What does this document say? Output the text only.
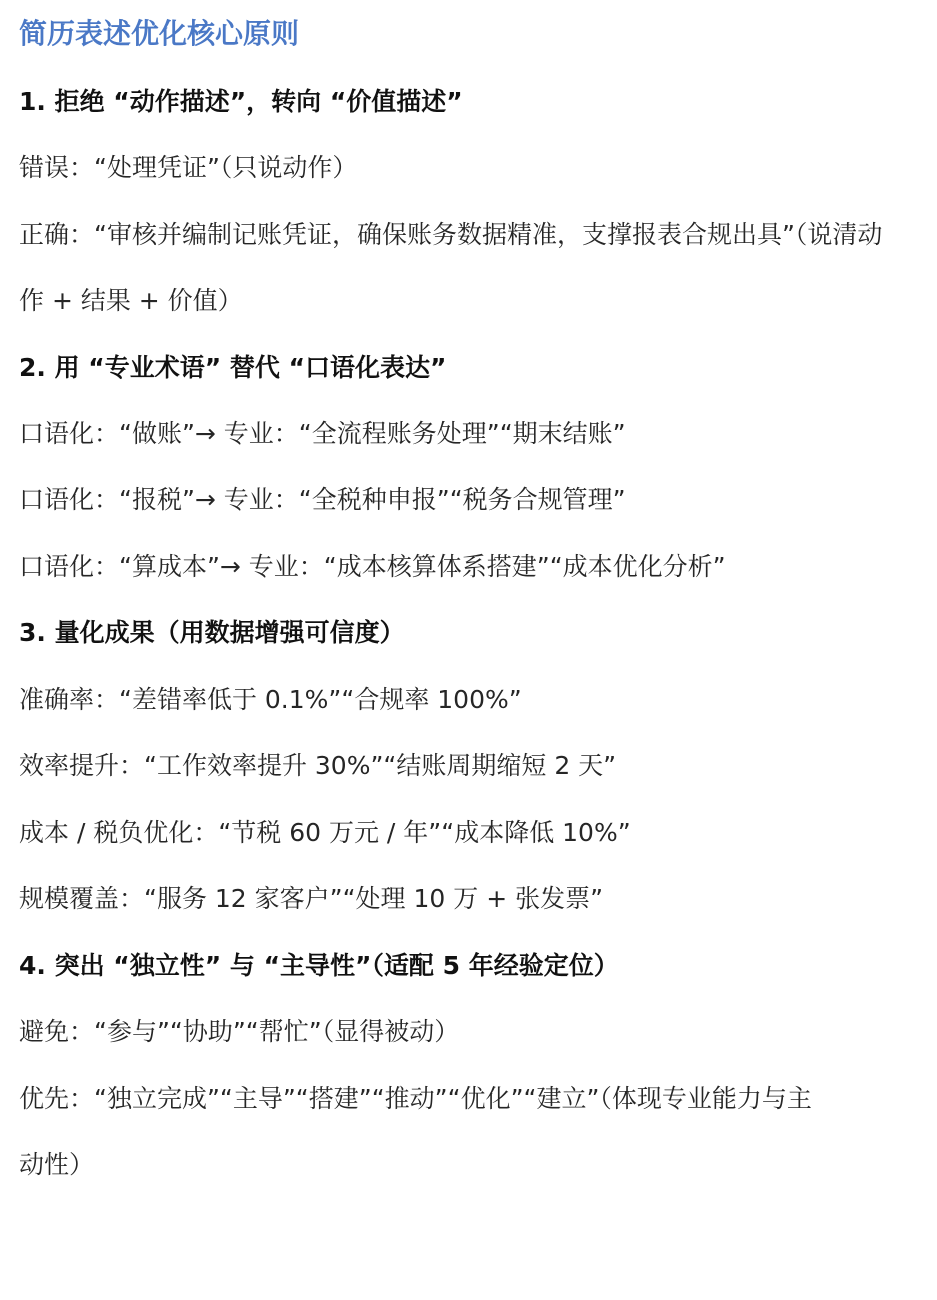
简历表述优化核心原则
1. 拒绝 “动作描述”，转向 “价值描述”
错误：“处理凭证”（只说动作）
正确：“审核并编制记账凭证，确保账务数据精准，支撑报表合规出具”（说清动
作 + 结果 + 价值）
2. 用 “专业术语” 替代 “口语化表达”
口语化：“做账”→ 专业：“全流程账务处理”“期末结账”
口语化：“报税”→ 专业：“全税种申报”“税务合规管理”
口语化：“算成本”→ 专业：“成本核算体系搭建”“成本优化分析”
3. 量化成果（用数据增强可信度）
准确率：“差错率低于 0.1%”“合规率 100%”
效率提升：“工作效率提升 30%”“结账周期缩短 2 天”
成本 / 税负优化：“节税 60 万元 / 年”“成本降低 10%”
规模覆盖：“服务 12 家客户”“处理 10 万 + 张发票”
4. 突出 “独立性” 与 “主导性”（适配 5 年经验定位）
避免：“参与”“协助”“帮忙”（显得被动）
优先：“独立完成”“主导”“搭建”“推动”“优化”“建立”（体现专业能力与主
动性）
